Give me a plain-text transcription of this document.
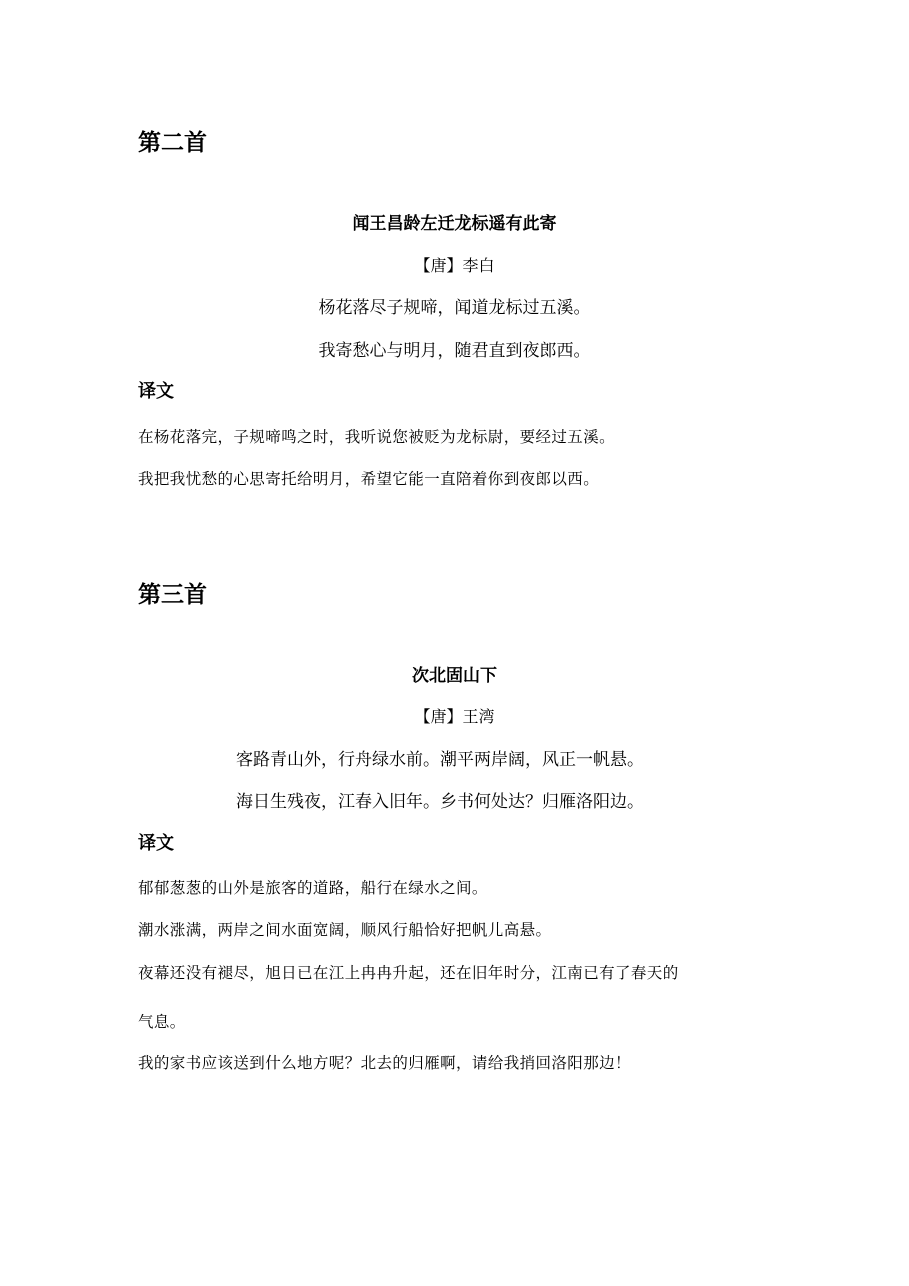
第二首
闻王昌龄左迁龙标遥有此寄
【唐】李白
杨花落尽子规啼，闻道龙标过五溪。
我寄愁心与明月，随君直到夜郎西。
译文
在杨花落完，子规啼鸣之时，我听说您被贬为龙标尉，要经过五溪。
我把我忧愁的心思寄托给明月，希望它能一直陪着你到夜郎以西。
第三首
次北固山下
【唐】王湾
客路青山外，行舟绿水前。潮平两岸阔，风正一帆悬。
海日生残夜，江春入旧年。乡书何处达？归雁洛阳边。
译文
郁郁葱葱的山外是旅客的道路，船行在绿水之间。
潮水涨满，两岸之间水面宽阔，顺风行船恰好把帆儿高悬。
夜幕还没有褪尽，旭日已在江上冉冉升起，还在旧年时分，江南已有了春天的
气息。
我的家书应该送到什么地方呢？北去的归雁啊，请给我捎回洛阳那边！
